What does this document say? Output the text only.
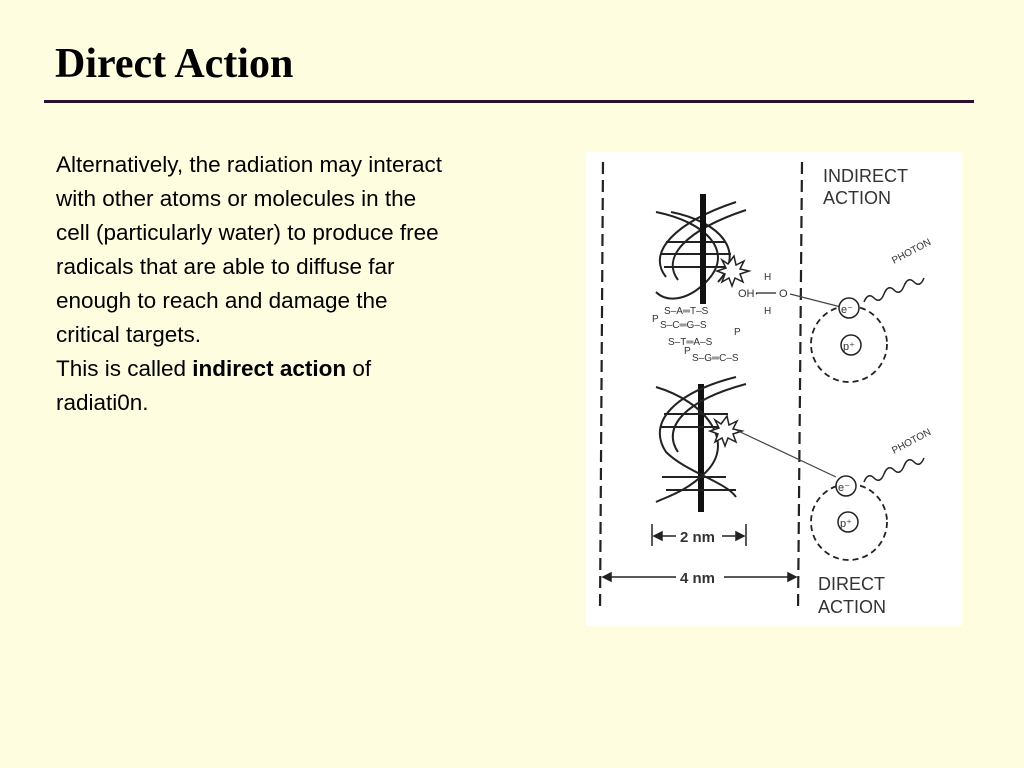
Direct Action

Alternatively, the radiation may interact

with other atoms or molecules in the

cell (particularly water) to produce free

radicals that are able to diffuse far

enough to reach and damage the

critical targets.

This is called indirect action of

radiati0n.

INDIRECT
ACTION
S–A═T–S
S–C═G–S
S–T═A–S
S–G═C–S
P
P
P
OH·
H
O
H	e⁻
p⁺
PHOTON
e⁻
p⁺
PHOTON
2 nm
4 nm	DIRECT
ACTION
